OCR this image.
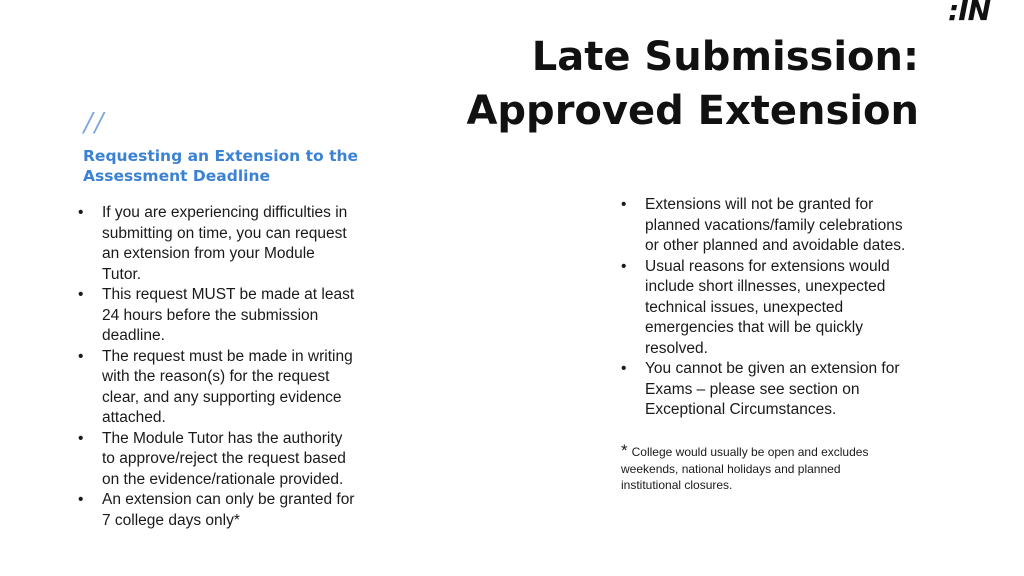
:IN
Late Submission:
Approved Extension
//
Requesting an Extension to the
Assessment Deadline
• If you are experiencing difficulties in submitting on time, you can request an extension from your Module Tutor.
• This request MUST be made at least 24 hours before the submission deadline.
• The request must be made in writing with the reason(s) for the request clear, and any supporting evidence attached.
• The Module Tutor has the authority to approve/reject the request based on the evidence/rationale provided.
• An extension can only be granted for 7 college days only*
• Extensions will not be granted for planned vacations/family celebrations or other planned and avoidable dates.
• Usual reasons for extensions would include short illnesses, unexpected technical issues, unexpected emergencies that will be quickly resolved.
• You cannot be given an extension for Exams – please see section on Exceptional Circumstances.
* College would usually be open and excludes weekends, national holidays and planned institutional closures.
